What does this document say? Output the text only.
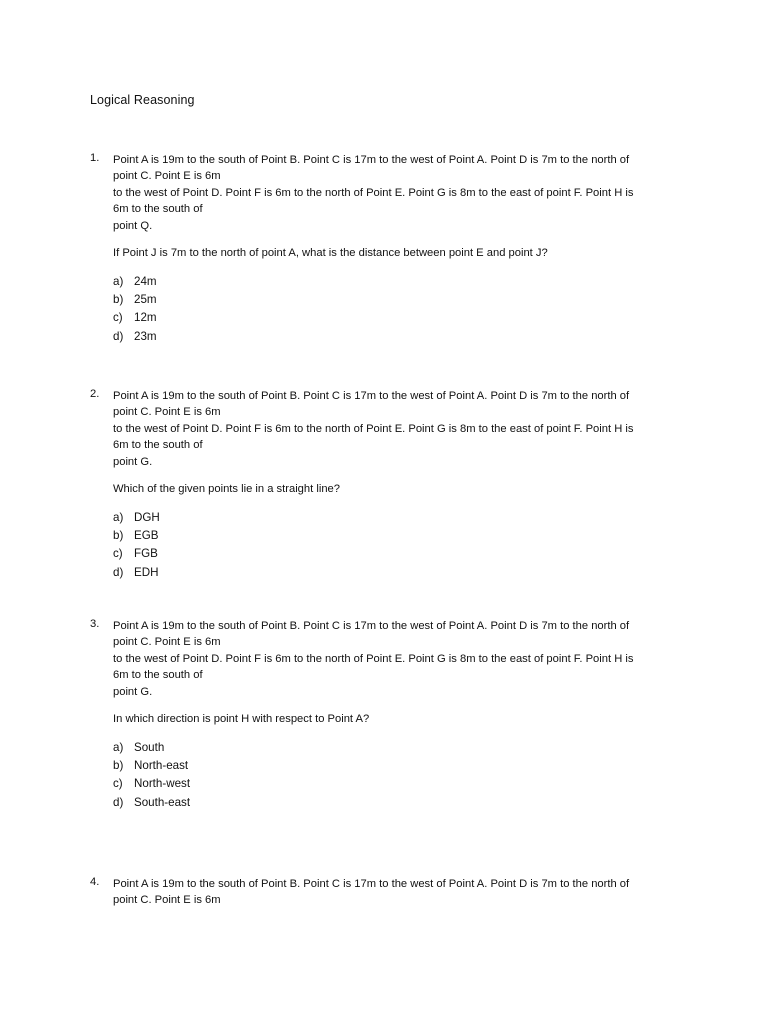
Logical Reasoning
1. Point A is 19m to the south of Point B. Point C is 17m to the west of Point A. Point D is 7m to the north of
point C. Point E is 6m
to the west of Point D. Point F is 6m to the north of Point E. Point G is 8m to the east of point F. Point H is
6m to the south of
point Q.
If Point J is 7m to the north of point A, what is the distance between point E and point J?
a) 24m
b) 25m
c) 12m
d) 23m
2. Point A is 19m to the south of Point B. Point C is 17m to the west of Point A. Point D is 7m to the north of
point C. Point E is 6m
to the west of Point D. Point F is 6m to the north of Point E. Point G is 8m to the east of point F. Point H is
6m to the south of
point G.
Which of the given points lie in a straight line?
a) DGH
b) EGB
c) FGB
d) EDH
3. Point A is 19m to the south of Point B. Point C is 17m to the west of Point A. Point D is 7m to the north of
point C. Point E is 6m
to the west of Point D. Point F is 6m to the north of Point E. Point G is 8m to the east of point F. Point H is
6m to the south of
point G.
In which direction is point H with respect to Point A?
a) South
b) North-east
c) North-west
d) South-east
4. Point A is 19m to the south of Point B. Point C is 17m to the west of Point A. Point D is 7m to the north of
point C. Point E is 6m
